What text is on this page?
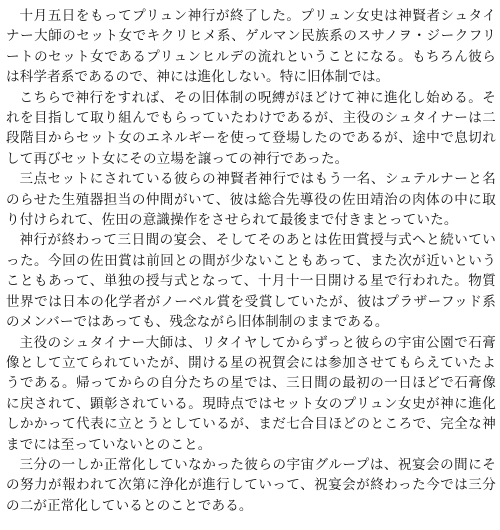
十月五日をもってプリュン神行が終了した。プリュン女史は神賢者シュタイナー大師のセット女でキクリヒメ系、ゲルマン民族系のスサノヲ・ジークフリートのセット女であるプリュンヒルデの流れということになる。もちろん彼らは科学者系であるので、神には進化しない。特に旧体制では。

こちらで神行をすれば、その旧体制の呪縛がほどけて神に進化し始める。それを目指して取り組んでもらっていたわけであるが、主役のシュタイナーは二段階目からセット女のエネルギーを使って登場したのであるが、途中で息切れして再びセット女にその立場を譲っての神行であった。

三点セットにされている彼らの神賢者神行ではもう一名、シュテルナーと名のらせた生殖器担当の仲間がいて、彼は総合先導役の佐田靖治の肉体の中に取り付けられて、佐田の意識操作をさせられて最後まで付きまとっていた。

神行が終わって三日間の宴会、そしてそのあとは佐田賞授与式へと続いていった。今回の佐田賞は前回との間が少ないこともあって、また次が近いということもあって、単独の授与式となって、十月十一日開ける星で行われた。物質世界では日本の化学者がノーベル賞を受賞していたが、彼はプラザーフッド系のメンバーではあっても、残念ながら旧体制制のままである。

主役のシュタイナー大師は、リタイヤしてからずっと彼らの宇宙公園で石膏像として立てられていたが、開ける星の祝賀会には参加させてもらえていたようである。帰ってからの自分たちの星では、三日間の最初の一日ほどで石膏像に戻されて、顕彰されている。現時点ではセット女のプリュン女史が神に進化しかかって代表に立とうとしているが、まだ七合目ほどのところで、完全な神までには至っていないとのこと。

三分の一しか正常化していなかった彼らの宇宙グループは、祝宴会の間にその努力が報われて次第に浄化が進行していって、祝宴会が終わった今では三分の二が正常化しているとのことである。
